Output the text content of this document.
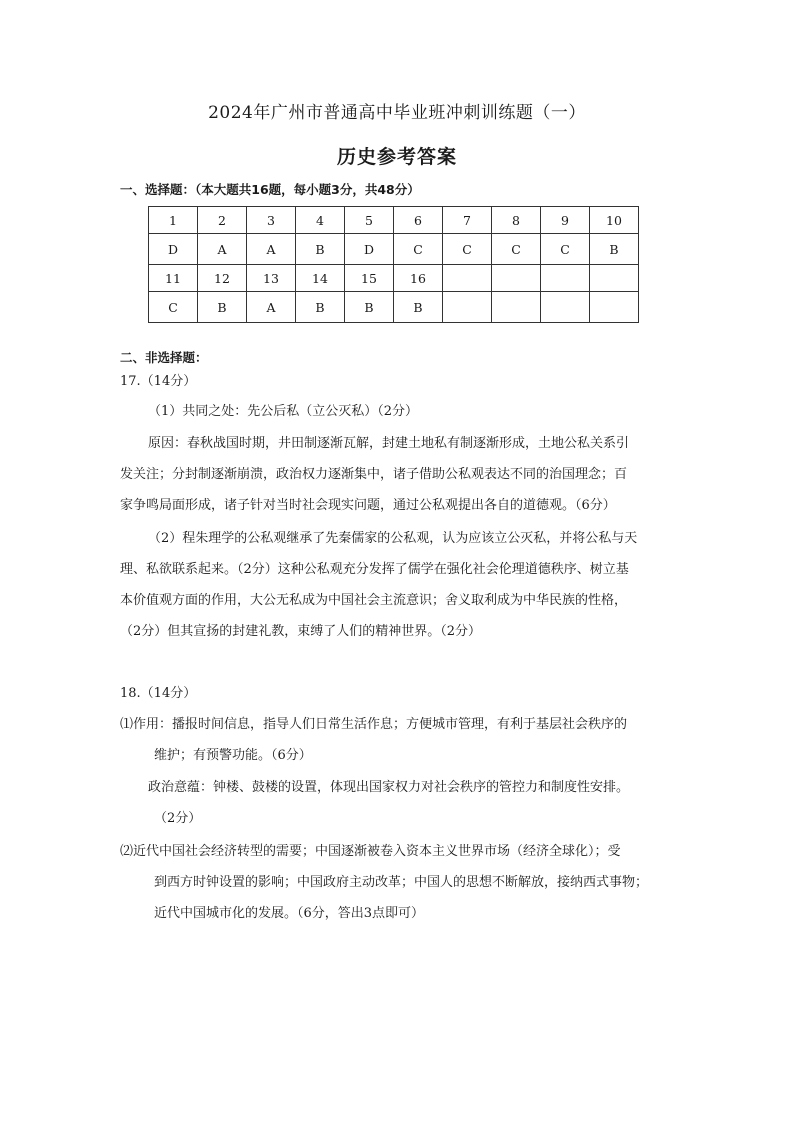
2024年广州市普通高中毕业班冲刺训练题（一）
历史参考答案
一、选择题：（本大题共16题，每小题3分，共48分）
1	2	3	4	5	6	7	8	9	10
D	A	A	B	D	C	C	C	C	B
11	12	13	14	15	16				
C	B	A	B	B	B				
二、非选择题：
17.（14分）
（1）共同之处：先公后私（立公灭私）（2分）
原因：春秋战国时期，井田制逐渐瓦解，封建土地私有制逐渐形成，土地公私关系引
发关注；分封制逐渐崩溃，政治权力逐渐集中，诸子借助公私观表达不同的治国理念；百
家争鸣局面形成，诸子针对当时社会现实问题，通过公私观提出各自的道德观。（6分）
（2）程朱理学的公私观继承了先秦儒家的公私观，认为应该立公灭私，并将公私与天
理、私欲联系起来。（2分）这种公私观充分发挥了儒学在强化社会伦理道德秩序、树立基
本价值观方面的作用，大公无私成为中国社会主流意识；舍义取利成为中华民族的性格，
（2分）但其宣扬的封建礼教，束缚了人们的精神世界。（2分）
18.（14分）
⑴作用：播报时间信息，指导人们日常生活作息；方便城市管理，有利于基层社会秩序的
维护；有预警功能。（6分）
政治意蕴：钟楼、鼓楼的设置，体现出国家权力对社会秩序的管控力和制度性安排。
（2分）
⑵近代中国社会经济转型的需要；中国逐渐被卷入资本主义世界市场（经济全球化）；受
到西方时钟设置的影响；中国政府主动改革；中国人的思想不断解放，接纳西式事物；
近代中国城市化的发展。（6分，答出3点即可）
